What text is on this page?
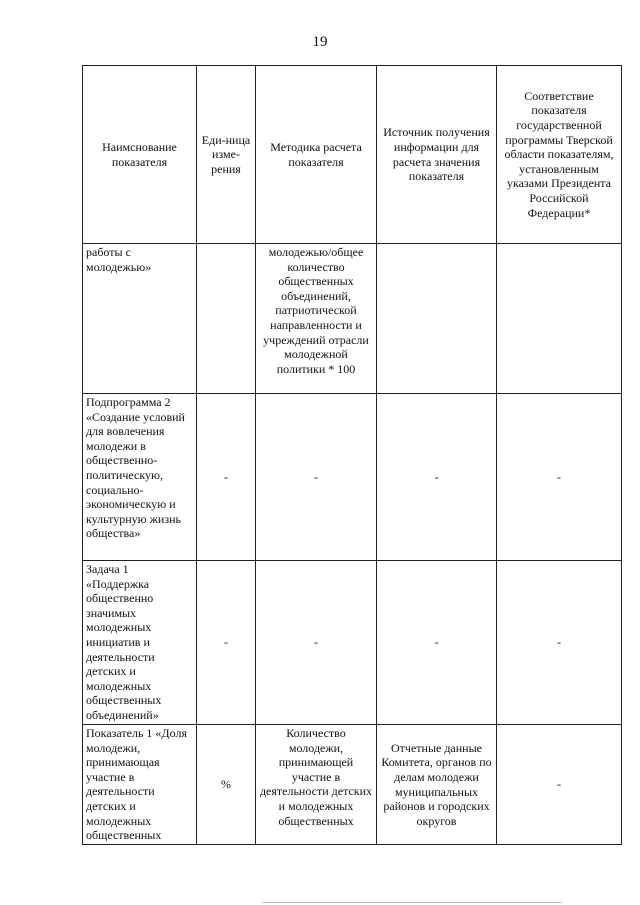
19
Наимснование показателя	Еди-ница изме-рения	Методика расчета показателя	Источник получения информации для расчета значения показателя	Соответствие показателя государственной программы Тверской области показателям, установленным указами Президента Российской Федерации*
работы с молодежью»		молодежью/общее количество общественных объединений, патриотической направленности и учреждений отрасли молодежной политики * 100		
Подпрограмма 2 «Создание условий для вовлечения молодежи в общественно-политическую, социально-экономическую и культурную жизнь общества»	-	-	-	-
Задача 1 «Поддержка общественно значимых молодежных инициатив и деятельности детских и молодежных общественных объединений»	-	-	-	-
Показатель 1 «Доля молодежи, принимающая участие в деятельности детских и молодежных общественных	%	Количество молодежи, принимающей участие в деятельности детских и молодежных общественных	Отчетные данные Комитета, органов по делам молодежи муниципальных районов и городских округов	-
